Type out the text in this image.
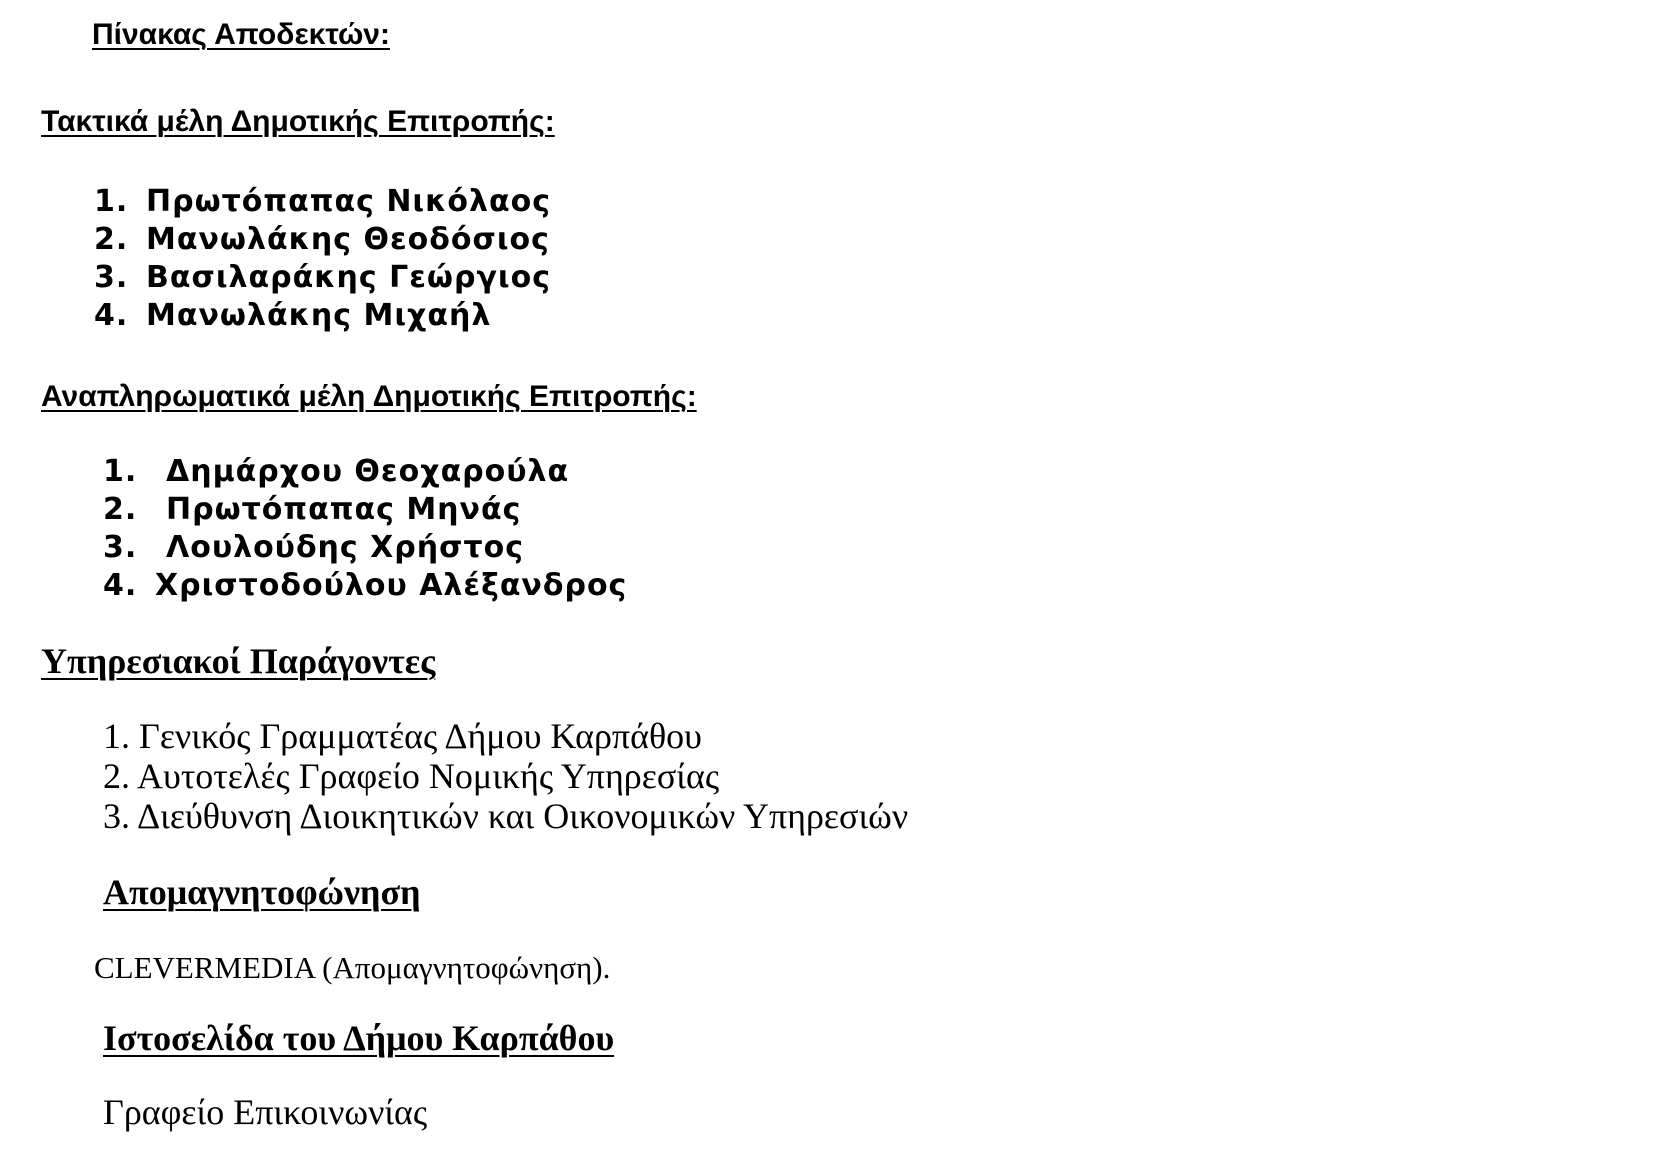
Πίνακας Αποδεκτών:
Τακτικά μέλη Δημοτικής Επιτροπής:
1. Πρωτόπαπας Νικόλαος
2. Μανωλάκης Θεοδόσιος
3. Βασιλαράκης Γεώργιος
4. Μανωλάκης Μιχαήλ
Αναπληρωματικά μέλη Δημοτικής Επιτροπής:
1. Δημάρχου Θεοχαρούλα
2. Πρωτόπαπας Μηνάς
3. Λουλούδης Χρήστος
4. Χριστοδούλου Αλέξανδρος
Υπηρεσιακοί Παράγοντες
1. Γενικός Γραμματέας Δήμου Καρπάθου
2. Αυτοτελές Γραφείο Νομικής Υπηρεσίας
3. Διεύθυνση Διοικητικών και Οικονομικών Υπηρεσιών
Απομαγνητοφώνηση
CLEVERMEDIA (Απομαγνητοφώνηση).
Ιστοσελίδα του Δήμου Καρπάθου
Γραφείο Επικοινωνίας
